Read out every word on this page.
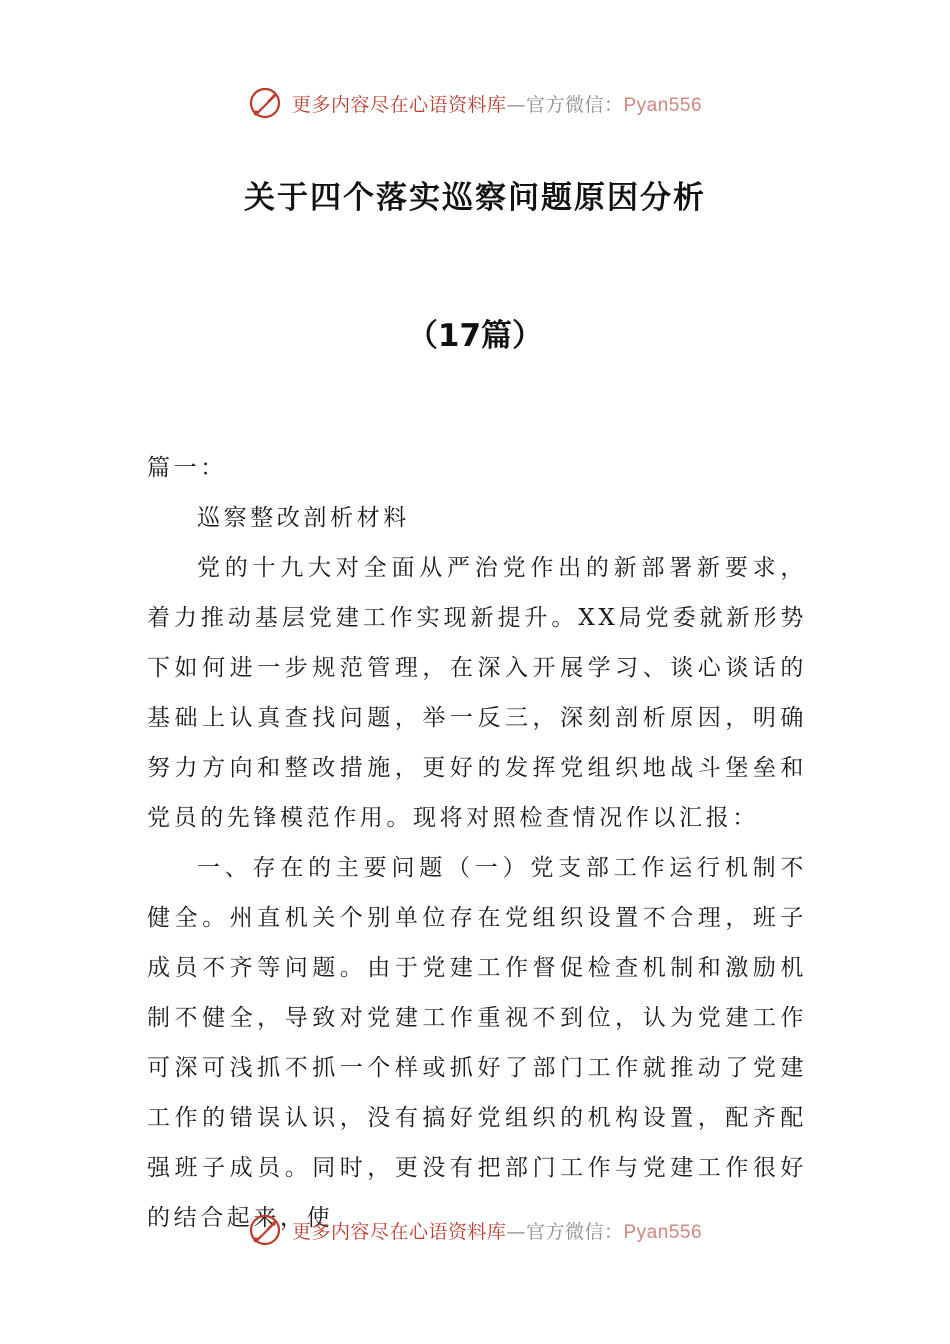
更多内容尽在心语资料库—官方微信：Pyan556
关于四个落实巡察问题原因分析
（17篇）

篇一：

巡察整改剖析材料

党的十九大对全面从严治党作出的新部署新要求，着力推动基层党建工作实现新提升。XX局党委就新形势下如何进一步规范管理，在深入开展学习、谈心谈话的基础上认真查找问题，举一反三，深刻剖析原因，明确努力方向和整改措施，更好的发挥党组织地战斗堡垒和党员的先锋模范作用。现将对照检查情况作以汇报：

一、存在的主要问题（一）党支部工作运行机制不健全。州直机关个别单位存在党组织设置不合理，班子成员不齐等问题。由于党建工作督促检查机制和激励机制不健全，导致对党建工作重视不到位，认为党建工作可深可浅抓不抓一个样或抓好了部门工作就推动了党建工作的错误认识，没有搞好党组织的机构设置，配齐配强班子成员。同时，更没有把部门工作与党建工作很好的结合起来，使

更多内容尽在心语资料库—官方微信：Pyan556
